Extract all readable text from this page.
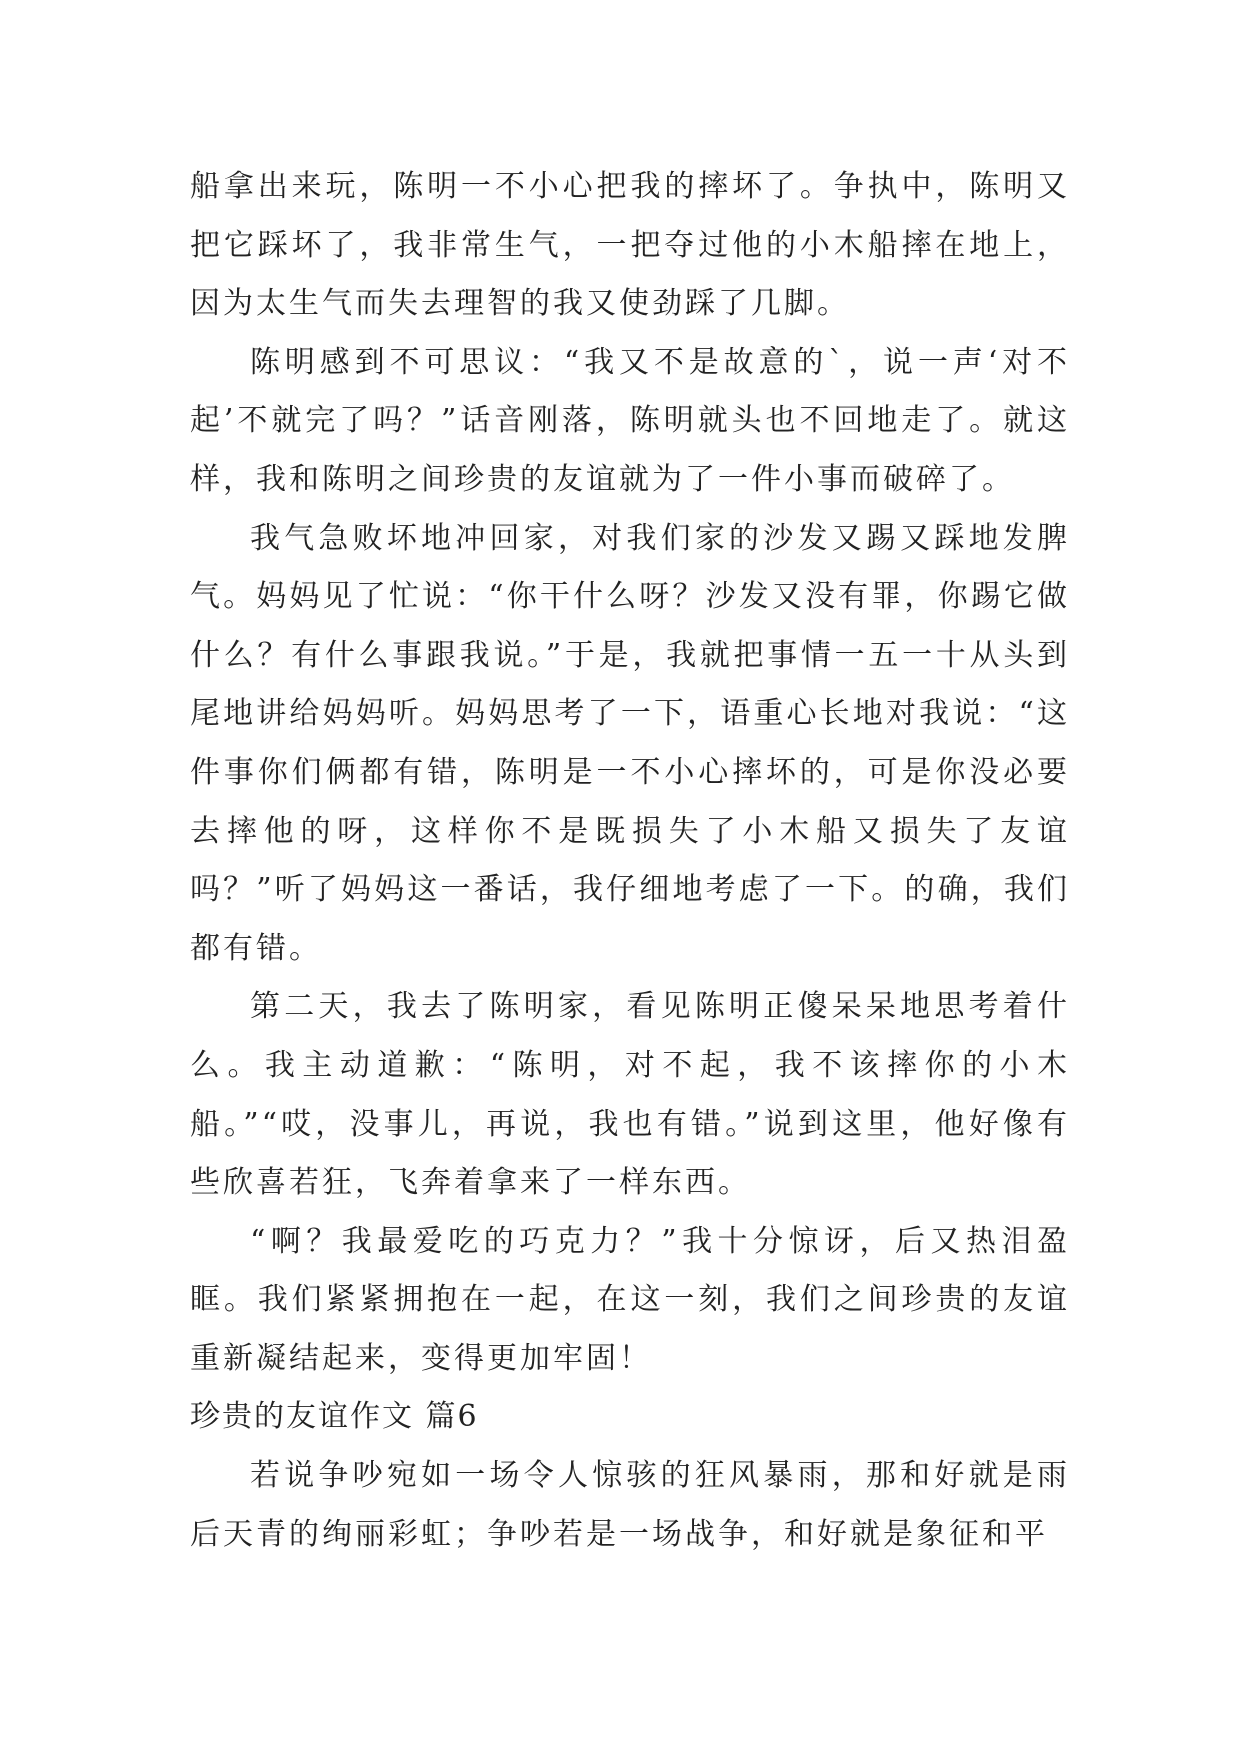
船拿出来玩，陈明一不小心把我的摔坏了。争执中，陈明又把它踩坏了，我非常生气，一把夺过他的小木船摔在地上，因为太生气而失去理智的我又使劲踩了几脚。

陈明感到不可思议：“我又不是故意的`，说一声‘对不起’不就完了吗？”话音刚落，陈明就头也不回地走了。就这样，我和陈明之间珍贵的友谊就为了一件小事而破碎了。

我气急败坏地冲回家，对我们家的沙发又踢又踩地发脾气。妈妈见了忙说：“你干什么呀？沙发又没有罪，你踢它做什么？有什么事跟我说。”于是，我就把事情一五一十从头到尾地讲给妈妈听。妈妈思考了一下，语重心长地对我说：“这件事你们俩都有错，陈明是一不小心摔坏的，可是你没必要去摔他的呀，这样你不是既损失了小木船又损失了友谊吗？”听了妈妈这一番话，我仔细地考虑了一下。的确，我们都有错。

第二天，我去了陈明家，看见陈明正傻呆呆地思考着什么。我主动道歉：“陈明，对不起，我不该摔你的小木船。”“哎，没事儿，再说，我也有错。”说到这里，他好像有些欣喜若狂，飞奔着拿来了一样东西。

“啊？我最爱吃的巧克力？”我十分惊讶，后又热泪盈眶。我们紧紧拥抱在一起，在这一刻，我们之间珍贵的友谊重新凝结起来，变得更加牢固！

珍贵的友谊作文 篇6

若说争吵宛如一场令人惊骇的狂风暴雨，那和好就是雨后天青的绚丽彩虹；争吵若是一场战争，和好就是象征和平
